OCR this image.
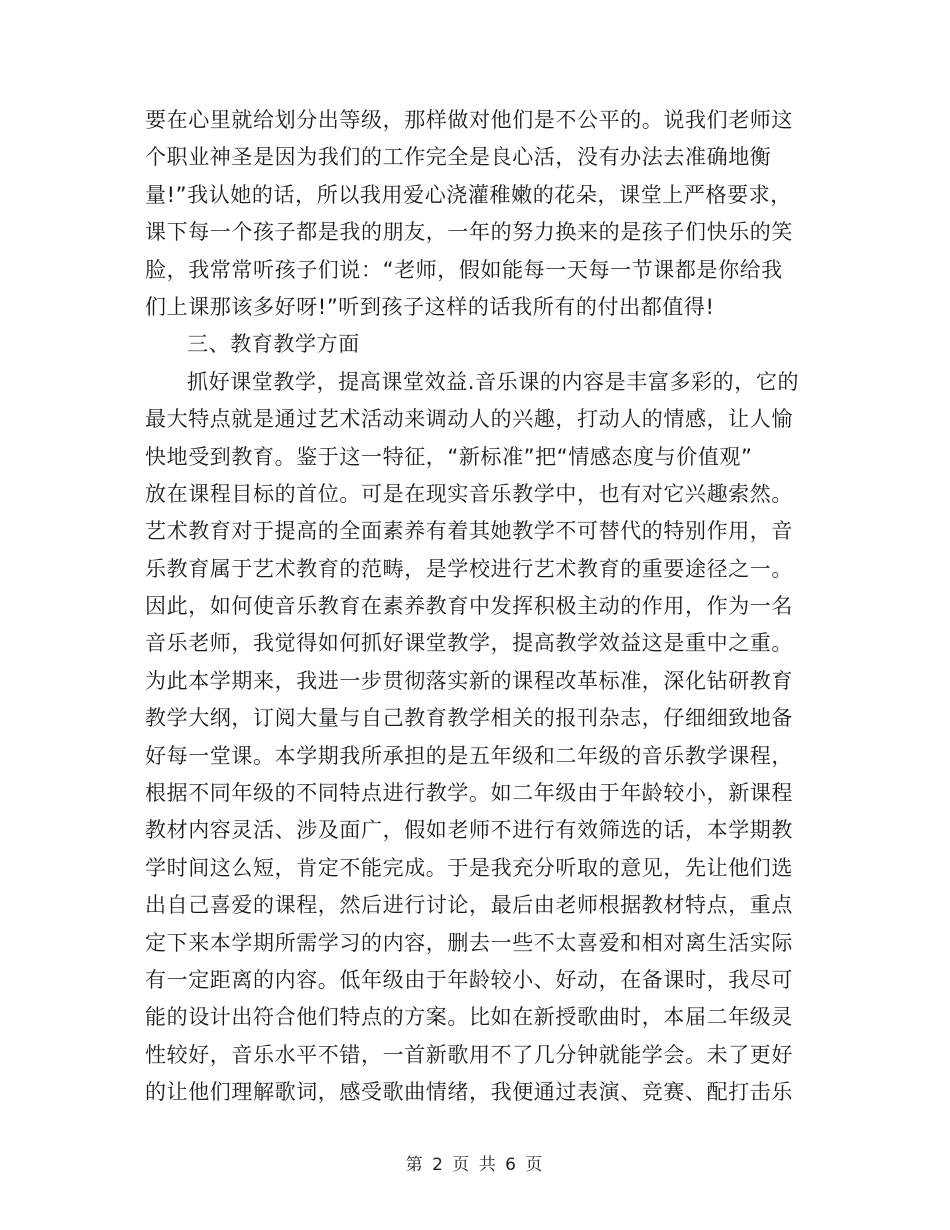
要在心里就给划分出等级，那样做对他们是不公平的。说我们老师这
个职业神圣是因为我们的工作完全是良心活，没有办法去准确地衡
量!”我认她的话，所以我用爱心浇灌稚嫩的花朵，课堂上严格要求，
课下每一个孩子都是我的朋友，一年的努力换来的是孩子们快乐的笑
脸，我常常听孩子们说：“老师，假如能每一天每一节课都是你给我
们上课那该多好呀!”听到孩子这样的话我所有的付出都值得!
三、教育教学方面
抓好课堂教学，提高课堂效益.音乐课的内容是丰富多彩的，它的
最大特点就是通过艺术活动来调动人的兴趣，打动人的情感，让人愉
快地受到教育。鉴于这一特征，“新标准”把“情感态度与价值观”
放在课程目标的首位。可是在现实音乐教学中，也有对它兴趣索然。
艺术教育对于提高的全面素养有着其她教学不可替代的特别作用，音
乐教育属于艺术教育的范畴，是学校进行艺术教育的重要途径之一。
因此，如何使音乐教育在素养教育中发挥积极主动的作用，作为一名
音乐老师，我觉得如何抓好课堂教学，提高教学效益这是重中之重。
为此本学期来，我进一步贯彻落实新的课程改革标准，深化钻研教育
教学大纲，订阅大量与自己教育教学相关的报刊杂志，仔细细致地备
好每一堂课。本学期我所承担的是五年级和二年级的音乐教学课程，
根据不同年级的不同特点进行教学。如二年级由于年龄较小，新课程
教材内容灵活、涉及面广，假如老师不进行有效筛选的话，本学期教
学时间这么短，肯定不能完成。于是我充分听取的意见，先让他们选
出自己喜爱的课程，然后进行讨论，最后由老师根据教材特点，重点
定下来本学期所需学习的内容，删去一些不太喜爱和相对离生活实际
有一定距离的内容。低年级由于年龄较小、好动，在备课时，我尽可
能的设计出符合他们特点的方案。比如在新授歌曲时，本届二年级灵
性较好，音乐水平不错，一首新歌用不了几分钟就能学会。未了更好
的让他们理解歌词，感受歌曲情绪，我便通过表演、竞赛、配打击乐
第 2 页 共 6 页
